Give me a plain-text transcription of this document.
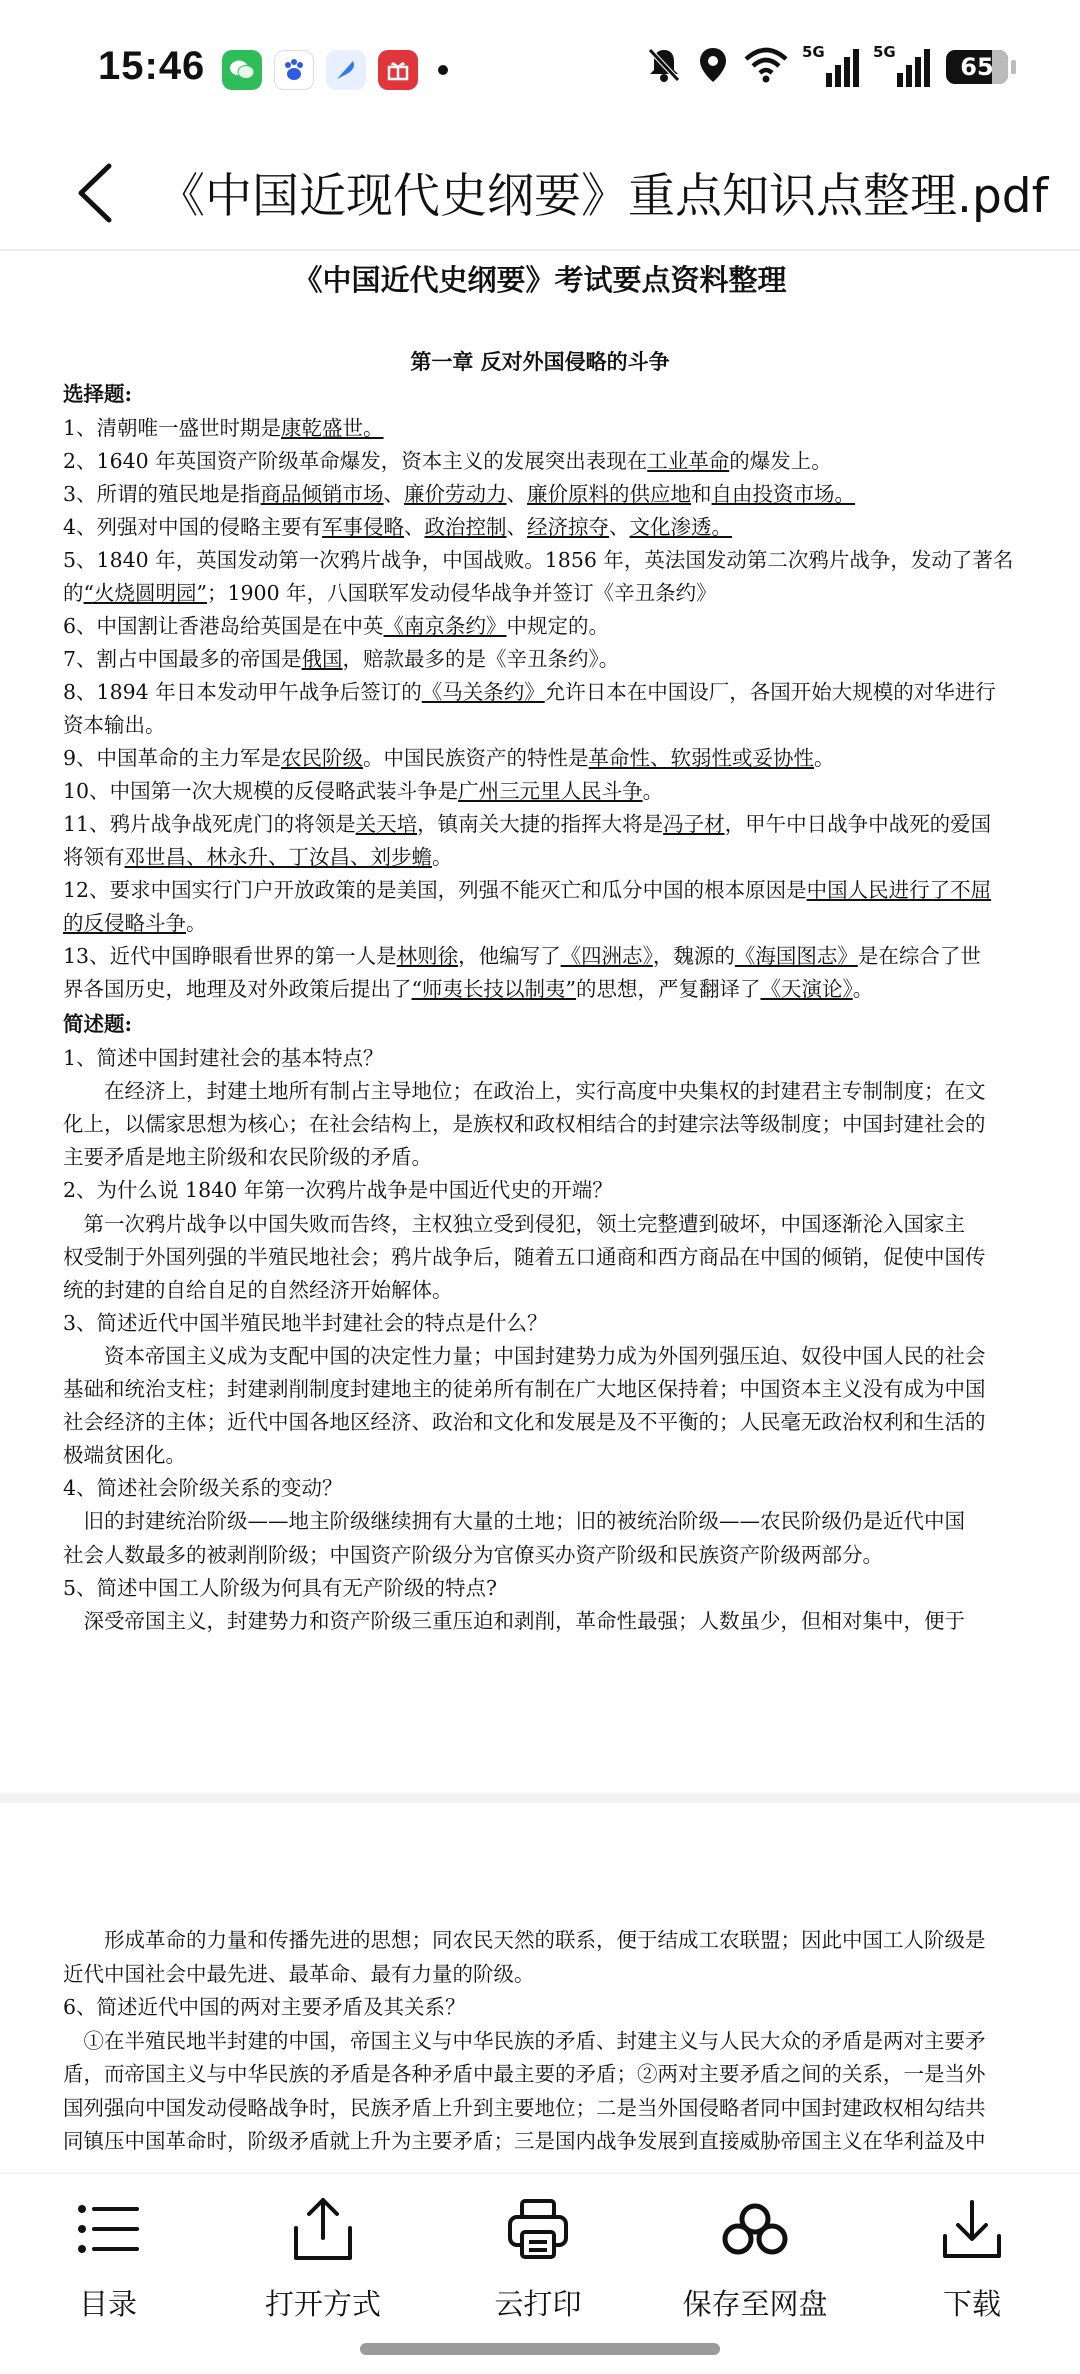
15:46	5G	5G
65
《中国近现代史纲要》重点知识点整理.pdf
《中国近代史纲要》考试要点资料整理
第一章 反对外国侵略的斗争
选择题:
1、清朝唯一盛世时期是康乾盛世。
2、1640 年英国资产阶级革命爆发，资本主义的发展突出表现在工业革命的爆发上。
3、所谓的殖民地是指商品倾销市场、廉价劳动力、廉价原料的供应地和自由投资市场。
4、列强对中国的侵略主要有军事侵略、政治控制、经济掠夺、文化渗透。
5、1840 年，英国发动第一次鸦片战争，中国战败。1856 年，英法国发动第二次鸦片战争，发动了著名
的“火烧圆明园”；1900 年，八国联军发动侵华战争并签订《辛丑条约》
6、中国割让香港岛给英国是在中英《南京条约》中规定的。
7、割占中国最多的帝国是俄国，赔款最多的是《辛丑条约》。
8、1894 年日本发动甲午战争后签订的《马关条约》允许日本在中国设厂，各国开始大规模的对华进行
资本输出。
9、中国革命的主力军是农民阶级。中国民族资产的特性是革命性、软弱性或妥协性。
10、中国第一次大规模的反侵略武装斗争是广州三元里人民斗争。
11、鸦片战争战死虎门的将领是关天培，镇南关大捷的指挥大将是冯子材，甲午中日战争中战死的爱国
将领有邓世昌、林永升、丁汝昌、刘步蟾。
12、要求中国实行门户开放政策的是美国，列强不能灭亡和瓜分中国的根本原因是中国人民进行了不屈
的反侵略斗争。
13、近代中国睁眼看世界的第一人是林则徐，他编写了《四洲志》，魏源的《海国图志》是在综合了世
界各国历史，地理及对外政策后提出了“师夷长技以制夷”的思想，严复翻译了《天演论》。
简述题:
1、简述中国封建社会的基本特点？
　　在经济上，封建土地所有制占主导地位；在政治上，实行高度中央集权的封建君主专制制度；在文
化上，以儒家思想为核心；在社会结构上，是族权和政权相结合的封建宗法等级制度；中国封建社会的
主要矛盾是地主阶级和农民阶级的矛盾。
2、为什么说 1840 年第一次鸦片战争是中国近代史的开端？
　第一次鸦片战争以中国失败而告终，主权独立受到侵犯，领土完整遭到破坏，中国逐渐沦入国家主
权受制于外国列强的半殖民地社会；鸦片战争后，随着五口通商和西方商品在中国的倾销，促使中国传
统的封建的自给自足的自然经济开始解体。
3、简述近代中国半殖民地半封建社会的特点是什么？
　　资本帝国主义成为支配中国的决定性力量；中国封建势力成为外国列强压迫、奴役中国人民的社会
基础和统治支柱；封建剥削制度封建地主的徒弟所有制在广大地区保持着；中国资本主义没有成为中国
社会经济的主体；近代中国各地区经济、政治和文化和发展是及不平衡的；人民毫无政治权利和生活的
极端贫困化。
4、简述社会阶级关系的变动？
　旧的封建统治阶级——地主阶级继续拥有大量的土地；旧的被统治阶级——农民阶级仍是近代中国
社会人数最多的被剥削阶级；中国资产阶级分为官僚买办资产阶级和民族资产阶级两部分。
5、简述中国工人阶级为何具有无产阶级的特点?
　深受帝国主义，封建势力和资产阶级三重压迫和剥削，革命性最强；人数虽少，但相对集中，便于
　　形成革命的力量和传播先进的思想；同农民天然的联系，便于结成工农联盟；因此中国工人阶级是
近代中国社会中最先进、最革命、最有力量的阶级。
6、简述近代中国的两对主要矛盾及其关系？
　①在半殖民地半封建的中国，帝国主义与中华民族的矛盾、封建主义与人民大众的矛盾是两对主要矛
盾，而帝国主义与中华民族的矛盾是各种矛盾中最主要的矛盾；②两对主要矛盾之间的关系，一是当外
国列强向中国发动侵略战争时，民族矛盾上升到主要地位；二是当外国侵略者同中国封建政权相勾结共
同镇压中国革命时，阶级矛盾就上升为主要矛盾；三是国内战争发展到直接威胁帝国主义在华利益及中
目录	打开方式	云打印	保存至网盘	下载
